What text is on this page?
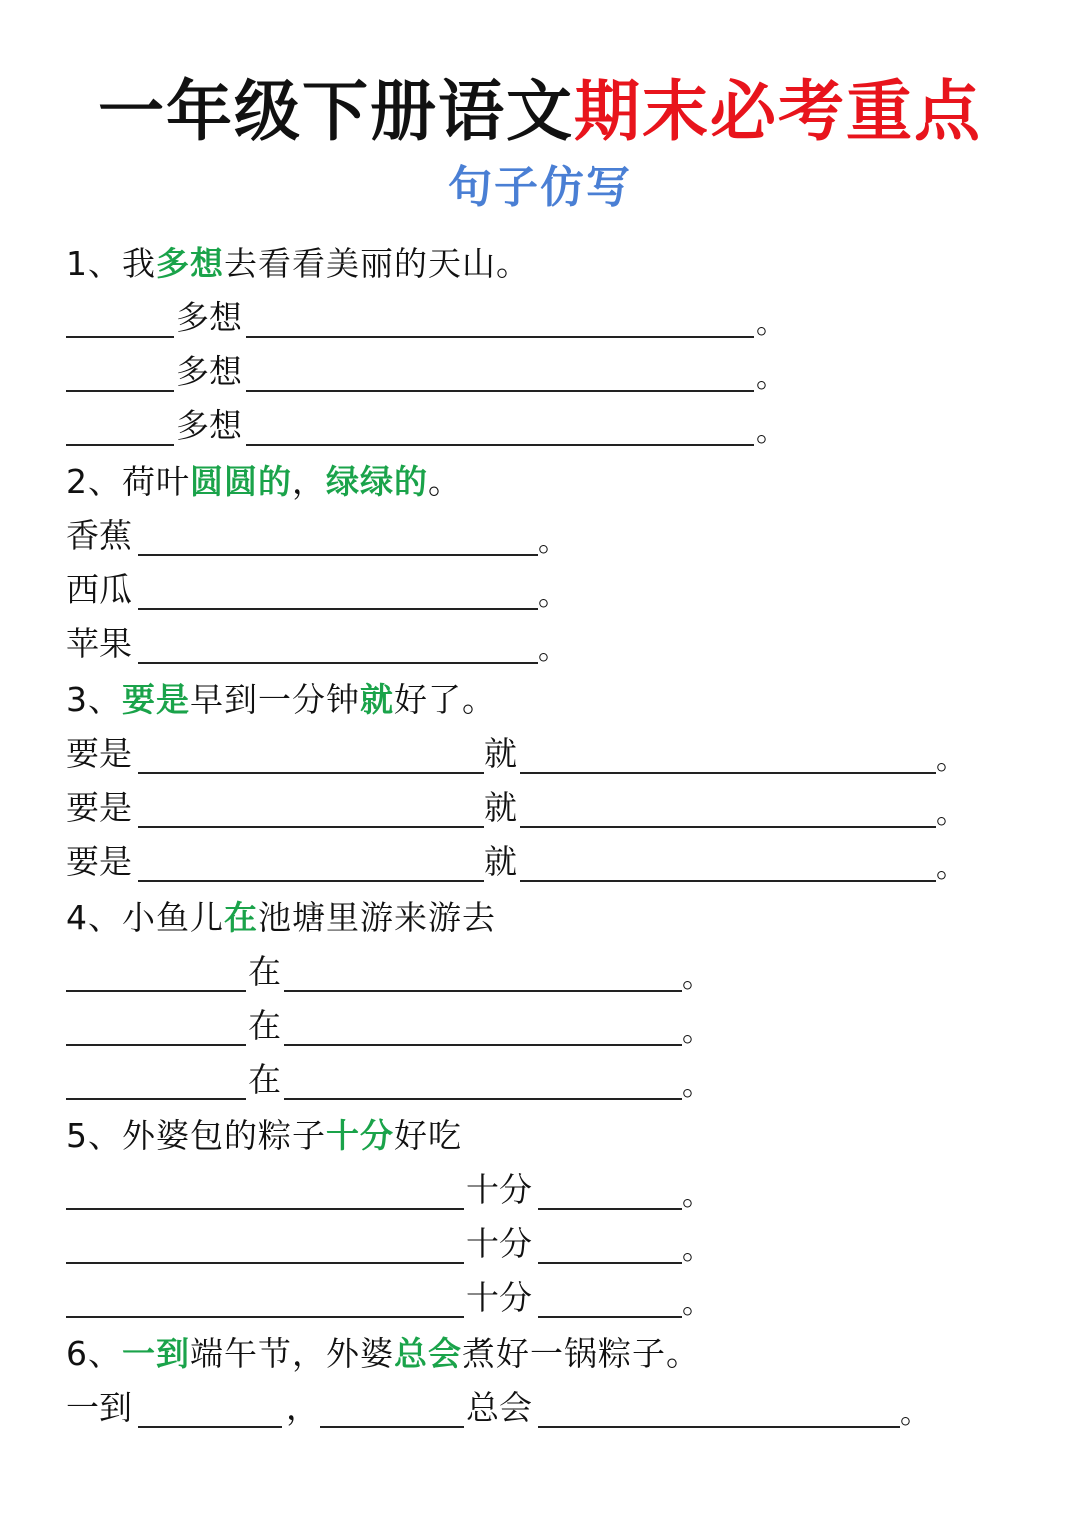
一年级下册语文期末必考重点
句子仿写
1、我多想去看看美丽的天山。
多想	。
多想	。
多想	。
2、荷叶圆圆的，绿绿的。
香蕉	。
西瓜	。
苹果	。
3、要是早到一分钟就好了。
要是	就	。
要是	就	。
要是	就	。
4、小鱼儿在池塘里游来游去
在	。
在	。
在	。
5、外婆包的粽子十分好吃
十分	。
十分	。
十分	。
6、一到端午节，外婆总会煮好一锅粽子。
一到	，	总会	。
